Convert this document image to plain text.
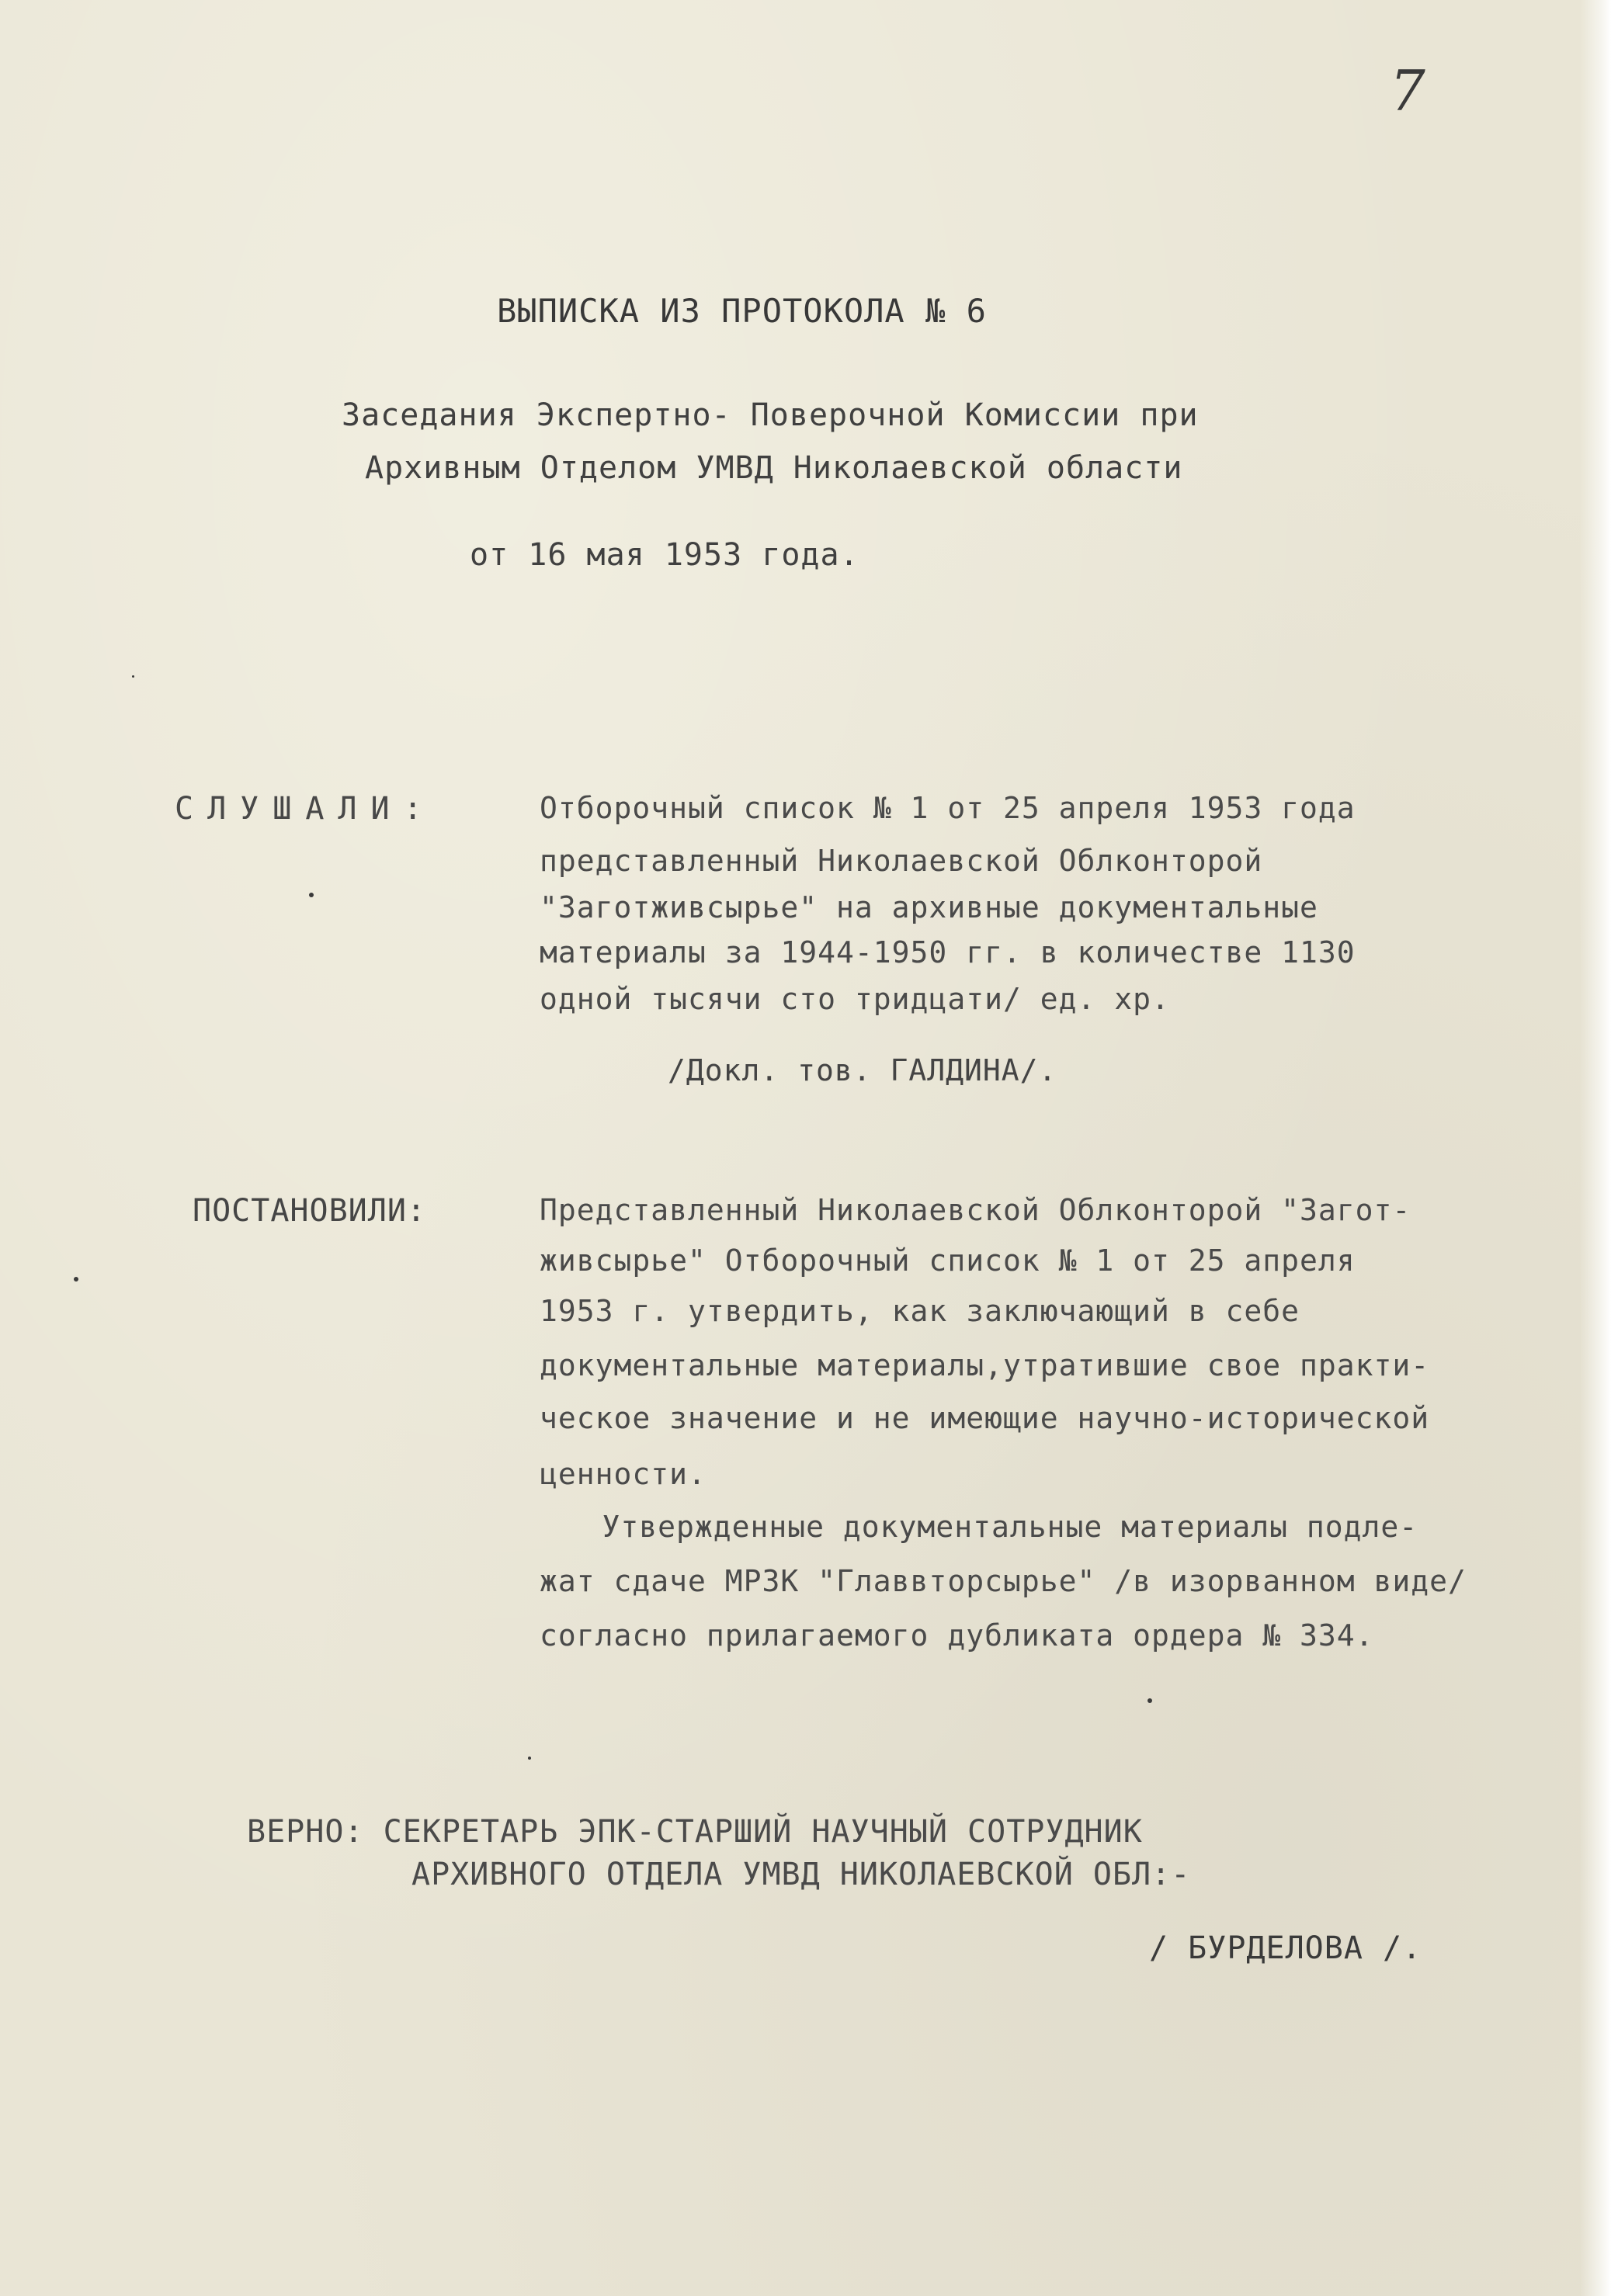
7
ВЫПИСКА ИЗ ПРОТОКОЛА № 6
Заседания Экспертно- Поверочной Комиссии при
Архивным Отделом УМВД Николаевской области
от 16 мая 1953 года.
СЛУШАЛИ:	Отборочный список № 1 от 25 апреля 1953 года
представленный Николаевской Облконторой
"Заготживсырье" на архивные документальные
материалы за 1944-1950 гг. в количестве 1130
одной тысячи сто тридцати/ ед. хр.
/Докл. тов. ГАЛДИНА/.
ПОСТАНОВИЛИ:	Представленный Николаевской Облконторой "Загот-
живсырье" Отборочный список № 1 от 25 апреля
1953 г. утвердить, как заключающий в себе
документальные материалы,утратившие свое практи-
ческое значение и не имеющие научно-исторической
ценности.
Утвержденные документальные материалы подле-
жат сдаче МРЗК "Главвторсырье" /в изорванном виде/
согласно прилагаемого дубликата ордера № 334.
ВЕРНО: СЕКРЕТАРЬ ЭПК-СТАРШИЙ НАУЧНЫЙ СОТРУДНИК
АРХИВНОГО ОТДЕЛА УМВД НИКОЛАЕВСКОЙ ОБЛ:-
/ БУРДЕЛОВА /.
